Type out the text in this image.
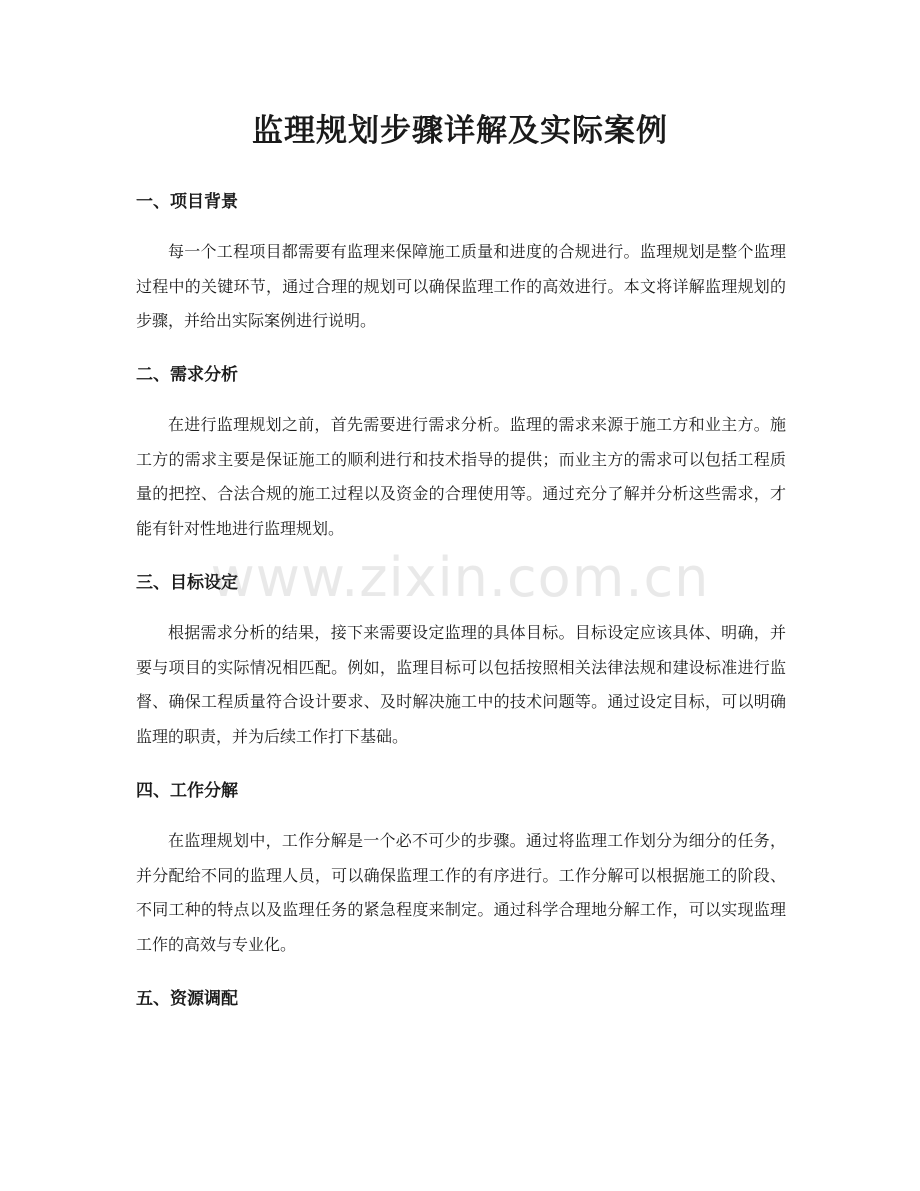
监理规划步骤详解及实际案例
一、项目背景

每一个工程项目都需要有监理来保障施工质量和进度的合规进行。监理规划是整个监理过程中的关键环节，通过合理的规划可以确保监理工作的高效进行。本文将详解监理规划的步骤，并给出实际案例进行说明。

二、需求分析

在进行监理规划之前，首先需要进行需求分析。监理的需求来源于施工方和业主方。施工方的需求主要是保证施工的顺利进行和技术指导的提供；而业主方的需求可以包括工程质量的把控、合法合规的施工过程以及资金的合理使用等。通过充分了解并分析这些需求，才能有针对性地进行监理规划。

三、目标设定

根据需求分析的结果，接下来需要设定监理的具体目标。目标设定应该具体、明确，并要与项目的实际情况相匹配。例如，监理目标可以包括按照相关法律法规和建设标准进行监督、确保工程质量符合设计要求、及时解决施工中的技术问题等。通过设定目标，可以明确监理的职责，并为后续工作打下基础。

四、工作分解

在监理规划中，工作分解是一个必不可少的步骤。通过将监理工作划分为细分的任务，并分配给不同的监理人员，可以确保监理工作的有序进行。工作分解可以根据施工的阶段、不同工种的特点以及监理任务的紧急程度来制定。通过科学合理地分解工作，可以实现监理工作的高效与专业化。

五、资源调配
www.zixin.com.cn
